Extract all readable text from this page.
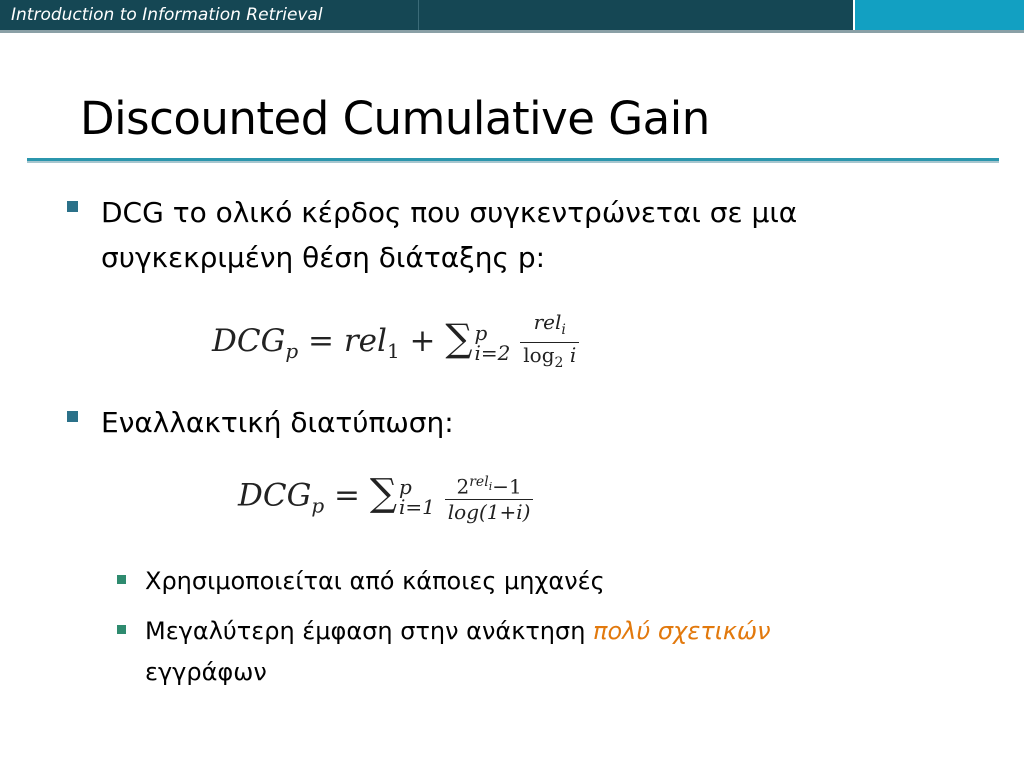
Introduction to Information Retrieval
Discounted Cumulative Gain
DCG το ολικό κέρδος που συγκεντρώνεται σε μια
συγκεκριμένη θέση διάταξης p:
$DCG_p = rel_1$ + ∑ p
$i=2 \frac{rel_i}{\log_2 i}$
Εναλλακτική διατύπωση:
$DCG_p$ = ∑ p
$i=1 \frac{2^{rel_i}-1}{\log(1+i)}$
Χρησιμοποιείται από κάποιες μηχανές
Μεγαλύτερη έμφαση στην ανάκτηση πολύ σχετικών
εγγράφων
